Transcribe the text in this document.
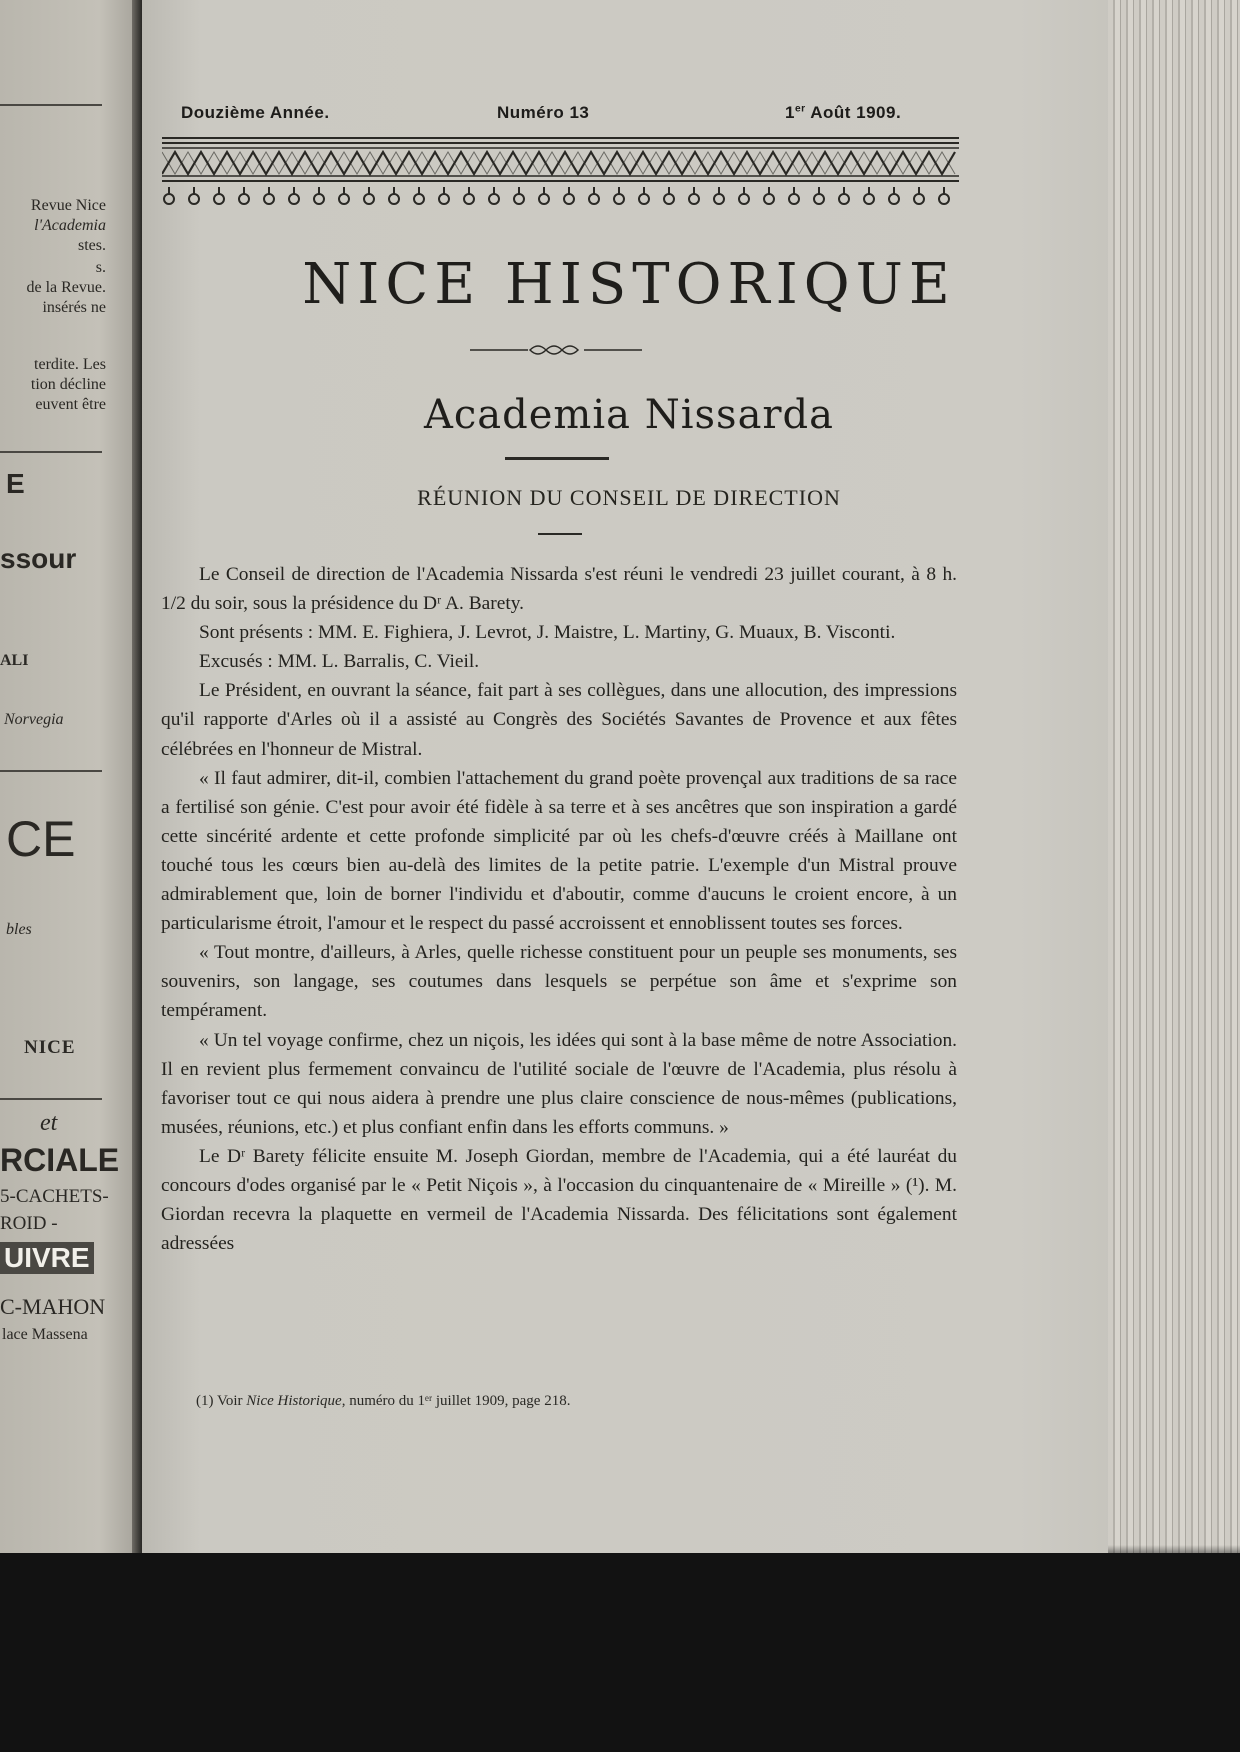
Revue Nice
l'Academia
stes.
s.
de la Revue.
insérés ne
terdite. Les
tion décline
euvent être
E
ssour
ALI
Norvegia
CE
bles
NICE
et
RCIALE
5-CACHETS-
ROID -
UIVRE
C-MAHON
lace Massena
Douzième Année.	Numéro 13	1er Août 1909.
NICE HISTORIQUE
Academia Nissarda
RÉUNION DU CONSEIL DE DIRECTION

Le Conseil de direction de l'Academia Nissarda s'est réuni le vendredi 23 juillet courant, à 8 h. 1/2 du soir, sous la présidence du Dʳ A. Barety.

Sont présents : MM. E. Fighiera, J. Levrot, J. Maistre, L. Martiny, G. Muaux, B. Visconti.

Excusés : MM. L. Barralis, C. Vieil.

Le Président, en ouvrant la séance, fait part à ses collègues, dans une allocution, des impressions qu'il rapporte d'Arles où il a assisté au Congrès des Sociétés Savantes de Provence et aux fêtes célébrées en l'honneur de Mistral.

« Il faut admirer, dit-il, combien l'attachement du grand poète provençal aux traditions de sa race a fertilisé son génie. C'est pour avoir été fidèle à sa terre et à ses ancêtres que son inspiration a gardé cette sincérité ardente et cette profonde simplicité par où les chefs-d'œuvre créés à Maillane ont touché tous les cœurs bien au-delà des limites de la petite patrie. L'exemple d'un Mistral prouve admirablement que, loin de borner l'individu et d'aboutir, comme d'aucuns le croient encore, à un particularisme étroit, l'amour et le respect du passé accroissent et ennoblissent toutes ses forces.

« Tout montre, d'ailleurs, à Arles, quelle richesse constituent pour un peuple ses monuments, ses souvenirs, son langage, ses coutumes dans lesquels se perpétue son âme et s'exprime son tempérament.

« Un tel voyage confirme, chez un niçois, les idées qui sont à la base même de notre Association. Il en revient plus fermement convaincu de l'utilité sociale de l'œuvre de l'Academia, plus résolu à favoriser tout ce qui nous aidera à prendre une plus claire conscience de nous-mêmes (publications, musées, réunions, etc.) et plus confiant enfin dans les efforts communs. »

Le Dʳ Barety félicite ensuite M. Joseph Giordan, membre de l'Academia, qui a été lauréat du concours d'odes organisé par le « Petit Niçois », à l'occasion du cinquantenaire de « Mireille » (¹). M. Giordan recevra la plaquette en vermeil de l'Academia Nissarda. Des félicitations sont également adressées

(1) Voir Nice Historique, numéro du 1ᵉʳ juillet 1909, page 218.
